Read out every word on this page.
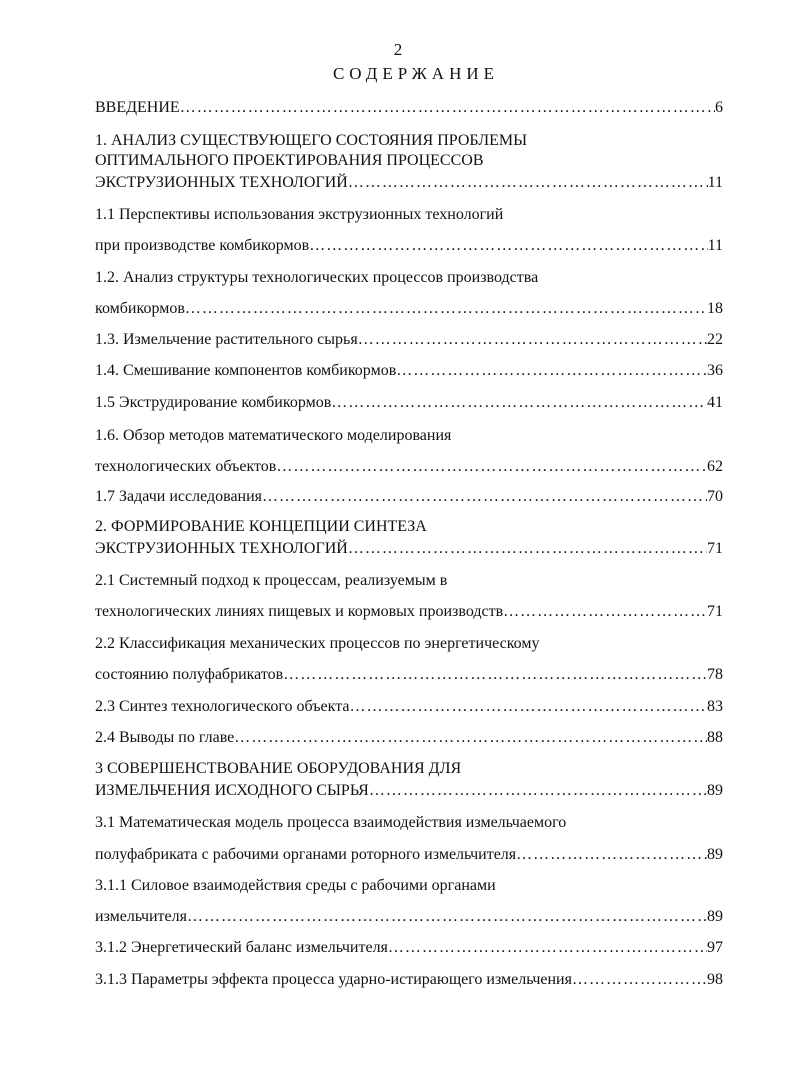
2
СОДЕРЖАНИЕ
ВВЕДЕНИЕ ………………………………………………………………………………………………………………………………………………………………………	6
1. АНАЛИЗ СУЩЕСТВУЮЩЕГО СОСТОЯНИЯ ПРОБЛЕМЫ
ОПТИМАЛЬНОГО ПРОЕКТИРОВАНИЯ ПРОЦЕССОВ
ЭКСТРУЗИОННЫХ ТЕХНОЛОГИЙ ………………………………………………………………………………………………………………………………………………………………………	11
1.1 Перспективы использования экструзионных технологий
при производстве комбикормов ………………………………………………………………………………………………………………………………………………………………………	11
1.2. Анализ структуры технологических процессов производства
комбикормов ………………………………………………………………………………………………………………………………………………………………………	18
1.3. Измельчение растительного сырья ………………………………………………………………………………………………………………………………………………………………………	22
1.4. Смешивание компонентов комбикормов ………………………………………………………………………………………………………………………………………………………………………	36
1.5 Экструдирование комбикормов ………………………………………………………………………………………………………………………………………………………………………	41
1.6. Обзор методов математического моделирования
технологических объектов ………………………………………………………………………………………………………………………………………………………………………	62
1.7 Задачи исследования ………………………………………………………………………………………………………………………………………………………………………	70
2. ФОРМИРОВАНИЕ КОНЦЕПЦИИ СИНТЕЗА
ЭКСТРУЗИОННЫХ ТЕХНОЛОГИЙ ………………………………………………………………………………………………………………………………………………………………………	71
2.1 Системный подход к процессам, реализуемым в
технологических линиях пищевых и кормовых производств ………………………………………………………………………………………………………………………………………………………………………	71
2.2 Классификация механических процессов по энергетическому
состоянию полуфабрикатов ………………………………………………………………………………………………………………………………………………………………………	78
2.3 Синтез технологического объекта ………………………………………………………………………………………………………………………………………………………………………	83
2.4 Выводы по главе ………………………………………………………………………………………………………………………………………………………………………	88
3 СОВЕРШЕНСТВОВАНИЕ ОБОРУДОВАНИЯ ДЛЯ
ИЗМЕЛЬЧЕНИЯ ИСХОДНОГО СЫРЬЯ ………………………………………………………………………………………………………………………………………………………………………	89
3.1 Математическая модель процесса взаимодействия измельчаемого
полуфабриката с рабочими органами роторного измельчителя ………………………………………………………………………………………………………………………………………………………………………	89
3.1.1 Силовое взаимодействия среды с рабочими органами
измельчителя ………………………………………………………………………………………………………………………………………………………………………	89
3.1.2 Энергетический баланс измельчителя ………………………………………………………………………………………………………………………………………………………………………	97
3.1.3 Параметры эффекта процесса ударно-истирающего измельчения ………………………………………………………………………………………………………………………………………………………………………	98
